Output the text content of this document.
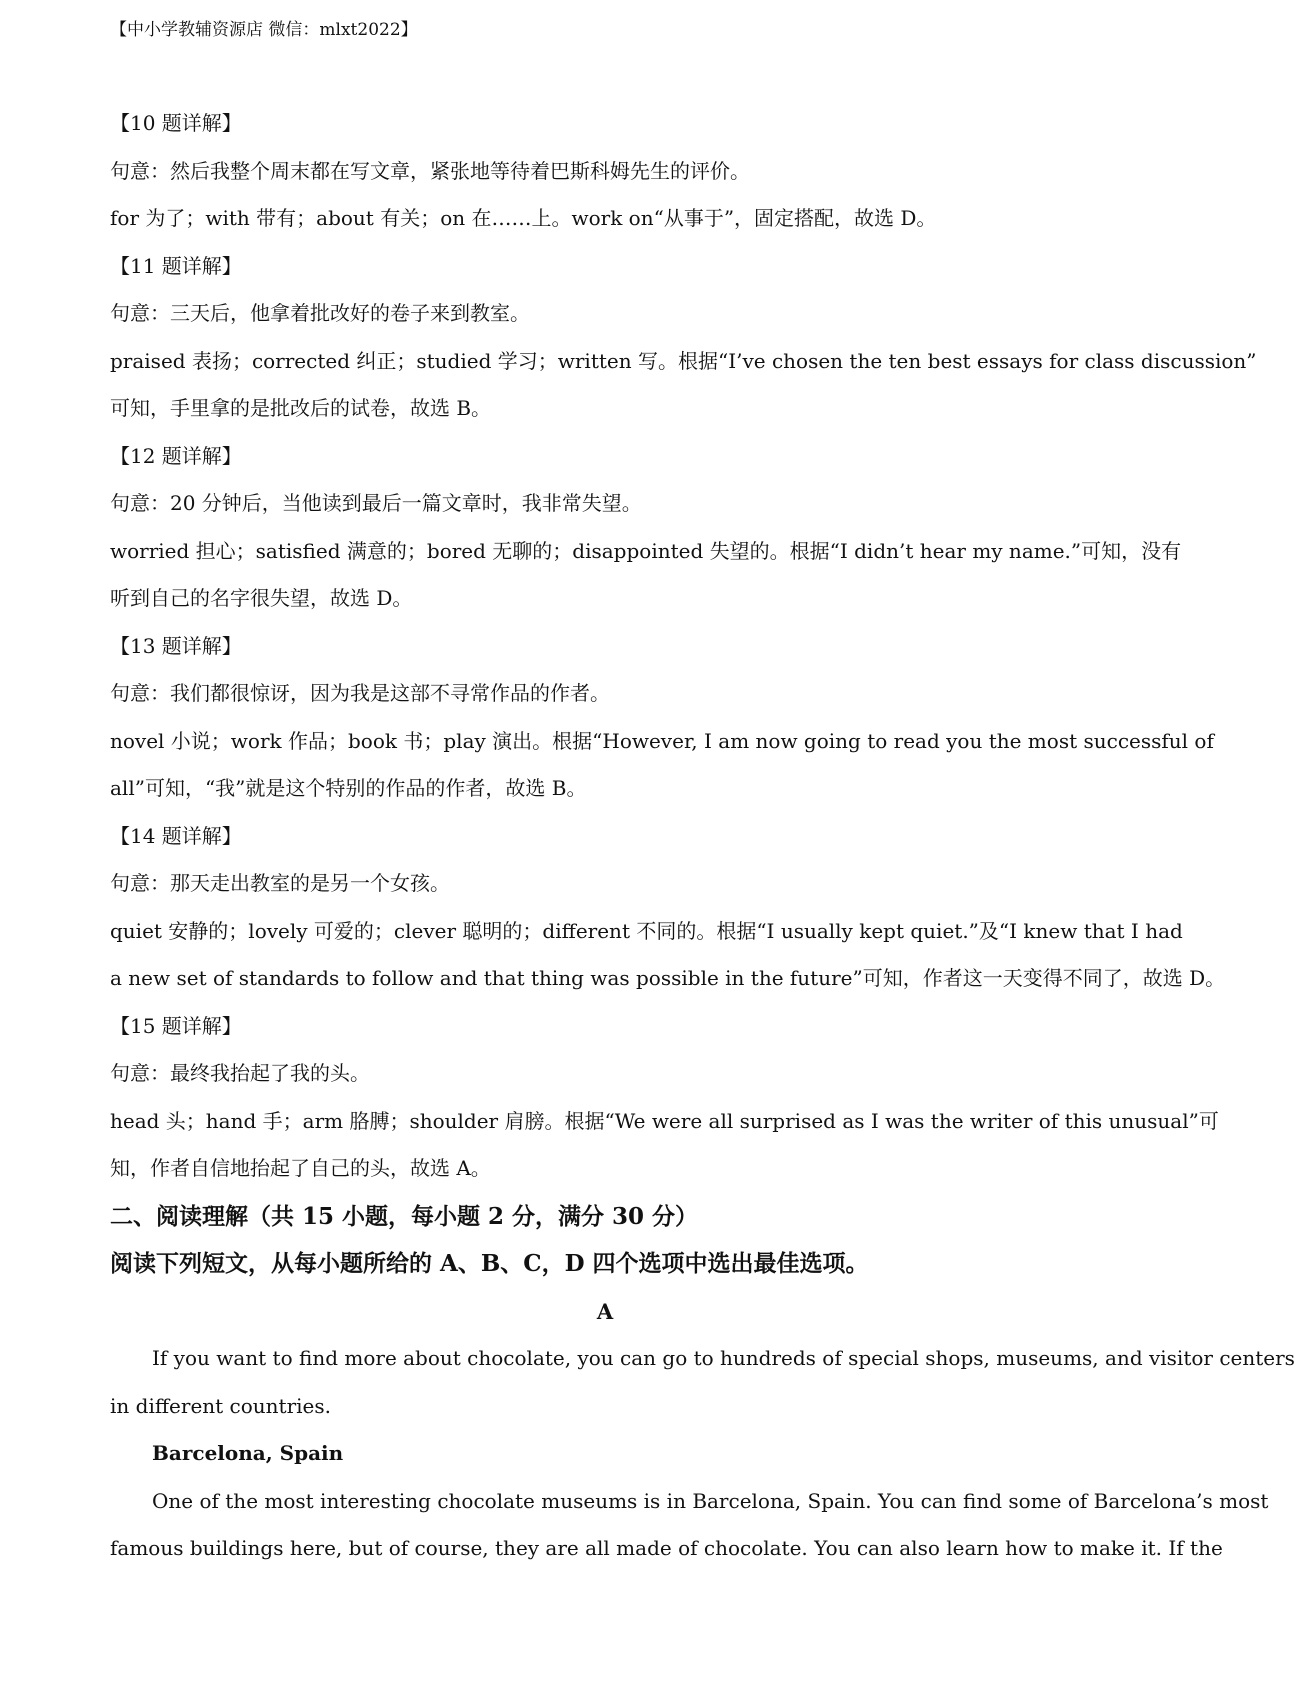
【中小学教辅资源店 微信：mlxt2022】
【10 题详解】
句意：然后我整个周末都在写文章，紧张地等待着巴斯科姆先生的评价。
for 为了；with 带有；about 有关；on 在……上。work on“从事于”，固定搭配，故选 D。
【11 题详解】
句意：三天后，他拿着批改好的卷子来到教室。
praised 表扬；corrected 纠正；studied 学习；written 写。根据“I’ve chosen the ten best essays for class discussion”
可知，手里拿的是批改后的试卷，故选 B。
【12 题详解】
句意：20 分钟后，当他读到最后一篇文章时，我非常失望。
worried 担心；satisfied 满意的；bored 无聊的；disappointed 失望的。根据“I didn’t hear my name.”可知，没有
听到自己的名字很失望，故选 D。
【13 题详解】
句意：我们都很惊讶，因为我是这部不寻常作品的作者。
novel 小说；work 作品；book 书；play 演出。根据“However, I am now going to read you the most successful of
all”可知，“我”就是这个特别的作品的作者，故选 B。
【14 题详解】
句意：那天走出教室的是另一个女孩。
quiet 安静的；lovely 可爱的；clever 聪明的；different 不同的。根据“I usually kept quiet.”及“I knew that I had
a new set of standards to follow and that thing was possible in the future”可知，作者这一天变得不同了，故选 D。
【15 题详解】
句意：最终我抬起了我的头。
head 头；hand 手；arm 胳膊；shoulder 肩膀。根据“We were all surprised as I was the writer of this unusual”可
知，作者自信地抬起了自己的头，故选 A。
二、阅读理解（共 15 小题，每小题 2 分，满分 30 分）
阅读下列短文，从每小题所给的 A、B、C，D 四个选项中选出最佳选项。
A
If you want to find more about chocolate, you can go to hundreds of special shops, museums, and visitor centers
in different countries.
Barcelona, Spain
One of the most interesting chocolate museums is in Barcelona, Spain. You can find some of Barcelona’s most
famous buildings here, but of course, they are all made of chocolate. You can also learn how to make it. If the
